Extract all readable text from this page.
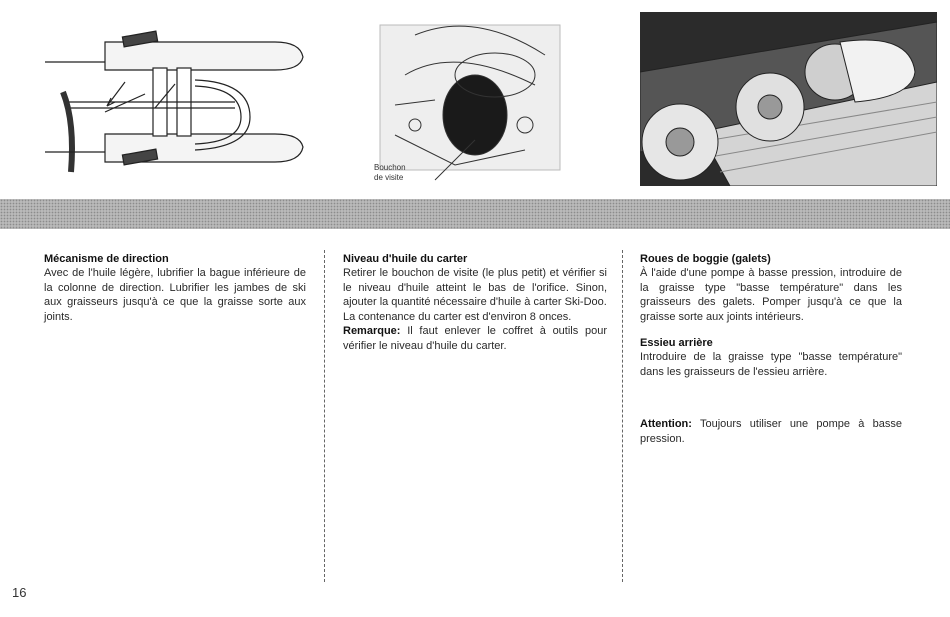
Bouchon
de visite
Mécanisme de direction

Avec de l'huile légère, lubrifier la bague inférieure de la colonne de direction. Lubrifier les jambes de ski aux graisseurs jusqu'à ce que la graisse sorte aux joints.

Niveau d'huile du carter

Retirer le bouchon de visite (le plus petit) et vérifier si le niveau d'huile atteint le bas de l'orifice. Sinon, ajouter la quantité nécessaire d'huile à carter Ski-Doo.

La contenance du carter est d'environ 8 onces.

Remarque: Il faut enlever le coffret à outils pour vérifier le niveau d'huile du carter.

Roues de boggie (galets)

À l'aide d'une pompe à basse pression, introduire de la graisse type "basse température" dans les graisseurs des galets. Pomper jusqu'à ce que la graisse sorte aux joints intérieurs.

Essieu arrière

Introduire de la graisse type "basse température" dans les graisseurs de l'essieu arrière.

Attention: Toujours utiliser une pompe à basse pression.

16
